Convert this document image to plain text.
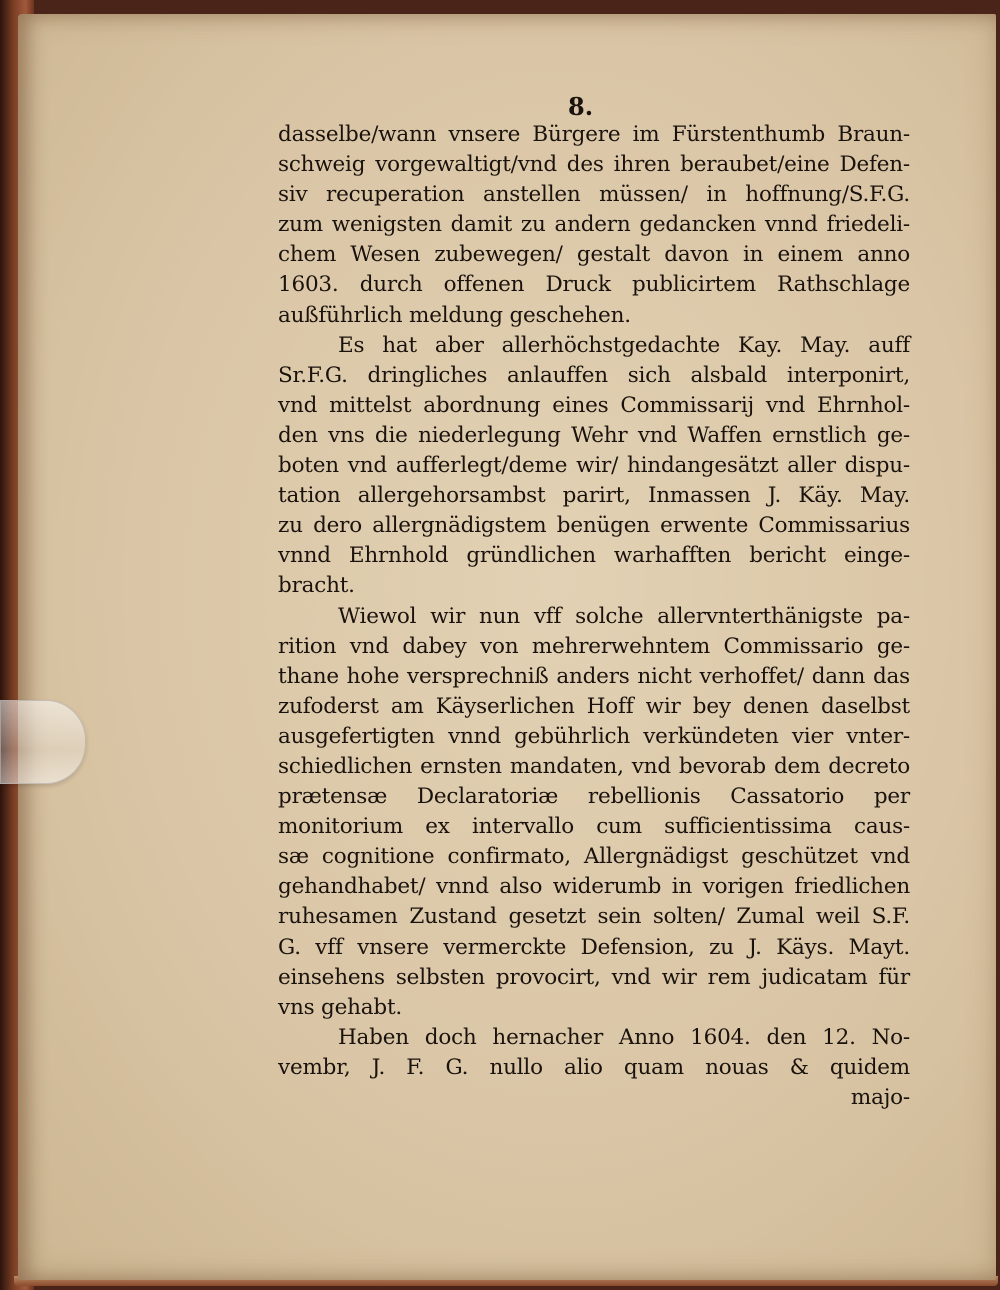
8.
dasselbe/wann vnsere Bürgere im Fürstenthumb Braun-
schweig vorgewaltigt/vnd des ihren beraubet/eine Defen-
siv recuperation anstellen müssen/ in hoffnung/S.F.G.
zum wenigsten damit zu andern gedancken vnnd friedeli-
chem Wesen zubewegen/ gestalt davon in einem anno
1603. durch offenen Druck publicirtem Rathschlage
außführlich meldung geschehen.
Es hat aber allerhöchstgedachte Kay. May. auff
Sr.F.G. dringliches anlauffen sich alsbald interponirt,
vnd mittelst abordnung eines Commissarij vnd Ehrnhol-
den vns die niederlegung Wehr vnd Waffen ernstlich ge-
boten vnd aufferlegt/deme wir/ hindangesätzt aller dispu-
tation allergehorsambst parirt, Inmassen J. Käy. May.
zu dero allergnädigstem benügen erwente Commissarius
vnnd Ehrnhold gründlichen warhafften bericht einge-
bracht.
Wiewol wir nun vff solche allervnterthänigste pa-
rition vnd dabey von mehrerwehntem Commissario ge-
thane hohe versprechniß anders nicht verhoffet/ dann das
zufoderst am Käyserlichen Hoff wir bey denen daselbst
ausgefertigten vnnd gebührlich verkündeten vier vnter-
schiedlichen ernsten mandaten, vnd bevorab dem decreto
prætensæ Declaratoriæ rebellionis Cassatorio per
monitorium ex intervallo cum sufficientissima caus-
sæ cognitione confirmato, Allergnädigst geschützet vnd
gehandhabet/ vnnd also widerumb in vorigen friedlichen
ruhesamen Zustand gesetzt sein solten/ Zumal weil S.F.
G. vff vnsere vermerckte Defension, zu J. Käys. Mayt.
einsehens selbsten provocirt, vnd wir rem judicatam für
vns gehabt.
Haben doch hernacher Anno 1604. den 12. No-
vembr, J. F. G. nullo alio quam nouas & quidem
majo-
